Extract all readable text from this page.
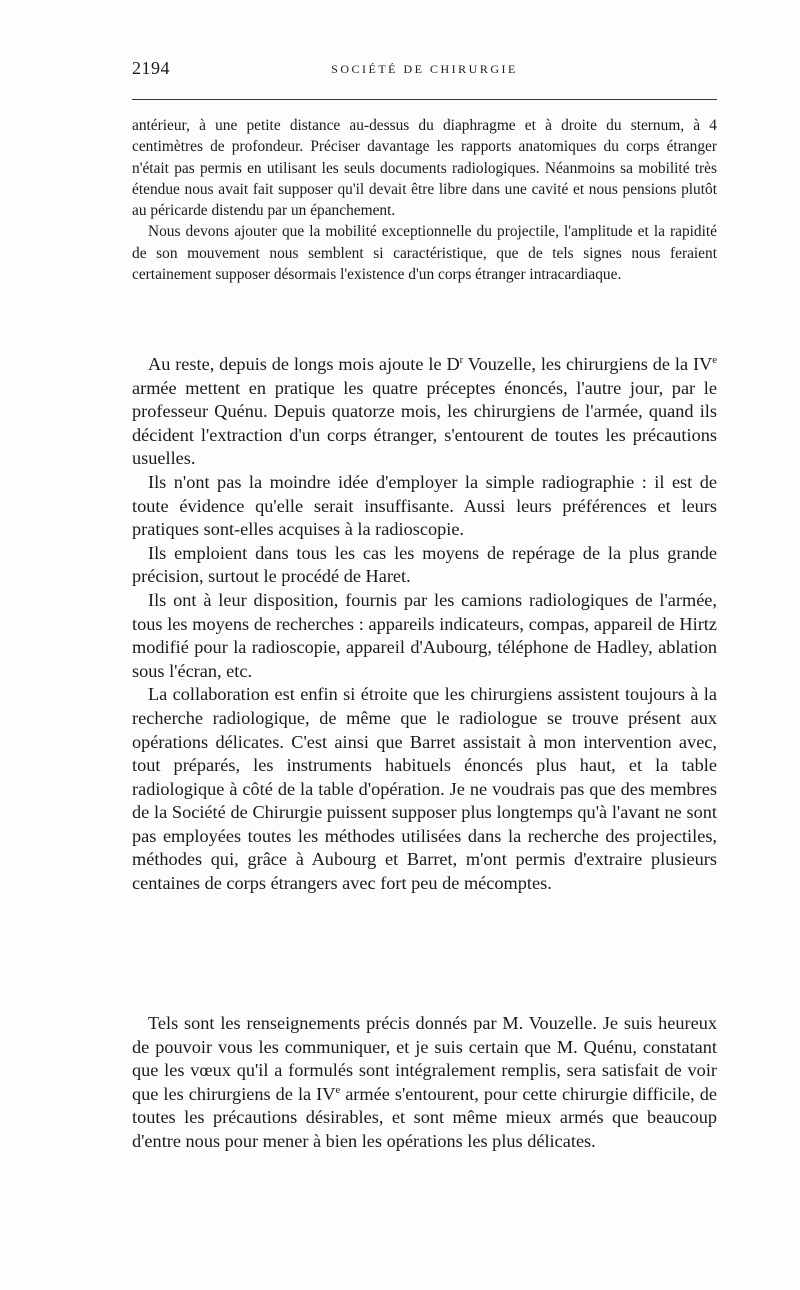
2194	SOCIÉTÉ DE CHIRURGIE

antérieur, à une petite distance au-dessus du diaphragme et à droite du sternum, à 4 centimètres de profondeur. Préciser davantage les rapports anatomiques du corps étranger n'était pas permis en utilisant les seuls documents radiologiques. Néanmoins sa mobilité très étendue nous avait fait supposer qu'il devait être libre dans une cavité et nous pensions plutôt au péricarde distendu par un épanchement.

Nous devons ajouter que la mobilité exceptionnelle du projectile, l'amplitude et la rapidité de son mouvement nous semblent si caractéristique, que de tels signes nous feraient certainement supposer désormais l'existence d'un corps étranger intracardiaque.

Au reste, depuis de longs mois ajoute le $D^r$ Vouzelle, les chirurgiens de la IVe armée mettent en pratique les quatre préceptes énoncés, l'autre jour, par le professeur Quénu. Depuis quatorze mois, les chirurgiens de l'armée, quand ils décident l'extraction d'un corps étranger, s'entourent de toutes les précautions usuelles.

Ils n'ont pas la moindre idée d'employer la simple radiographie : il est de toute évidence qu'elle serait insuffisante. Aussi leurs préférences et leurs pratiques sont-elles acquises à la radioscopie.

Ils emploient dans tous les cas les moyens de repérage de la plus grande précision, surtout le procédé de Haret.

Ils ont à leur disposition, fournis par les camions radiologiques de l'armée, tous les moyens de recherches : appareils indicateurs, compas, appareil de Hirtz modifié pour la radioscopie, appareil d'Aubourg, téléphone de Hadley, ablation sous l'écran, etc.

La collaboration est enfin si étroite que les chirurgiens assistent toujours à la recherche radiologique, de même que le radiologue se trouve présent aux opérations délicates. C'est ainsi que Barret assistait à mon intervention avec, tout préparés, les instruments habituels énoncés plus haut, et la table radiologique à côté de la table d'opération. Je ne voudrais pas que des membres de la Société de Chirurgie puissent supposer plus longtemps qu'à l'avant ne sont pas employées toutes les méthodes utilisées dans la recherche des projectiles, méthodes qui, grâce à Aubourg et Barret, m'ont permis d'extraire plusieurs centaines de corps étrangers avec fort peu de mécomptes.

Tels sont les renseignements précis donnés par M. Vouzelle. Je suis heureux de pouvoir vous les communiquer, et je suis certain que M. Quénu, constatant que les vœux qu'il a formulés sont intégralement remplis, sera satisfait de voir que les chirurgiens de la IVe armée s'entourent, pour cette chirurgie difficile, de toutes les précautions désirables, et sont même mieux armés que beaucoup d'entre nous pour mener à bien les opérations les plus délicates.
